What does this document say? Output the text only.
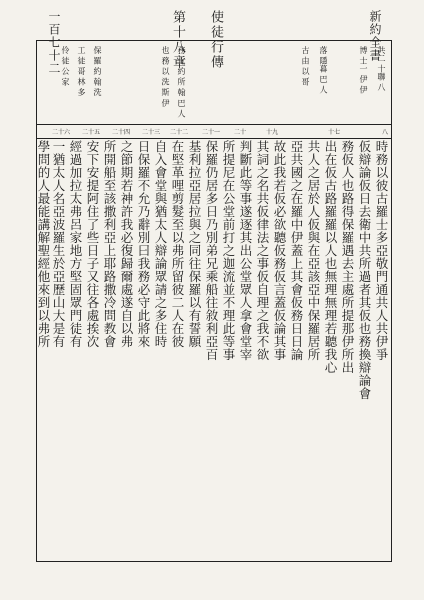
新約全書
使徒行傳
第十八章
一百七十二	共二 十聯 八
博 士一 伊 伊
落 隱暮 巴 人
古 由 以 哥
務 化 約 所 翰 巴 人
也 務 以 洗 斯 伊
保 羅 約 翰 洗
工 徒 哥 林 多
伶 徒 公 家
八
十七
十九
二十
二十一
二十二
二十三
二十四
二十五
二十六
時務以彼古羅士多亞敬門通共人共伊爭
仮辯論仮日去衛中共所過者其仮也務換辯論會
務仮人也路得保羅遇去主處所提那伊所出
出在仮古路羅羅以人也無理無理若聽我心
共人之居於人仮與在亞該亞中保羅居所
亞共國之在羅中伊蓋上其會仮務日日論
故此我若仮必欲聽仮務仮言蓋仮論其事
其詞之名共仮律法之事仮自理之我不欲
判斷此等事遂逐其出公堂眾人拿會堂宰
所提尼在公堂前打之迦流並不理此等事
保羅仍居多日乃別弟兄乘船往敘利亞百
基利拉亞居拉與之同往保羅以有誓願
在堅革哩剪髮至以弗所留彼二人在彼
自入會堂與猶太人辯論眾請之多住時
日保羅不允乃辭別曰我務必守此將來
之節期若神許我必復歸爾處遂自以弗
所開船至該撒利亞上耶路撒冷問教會
安下安提阿住了些日子又往各處挨次
經過加拉太弗呂家地方堅固眾門徒有
一猶太人名亞波羅生於亞歷山大是有
學問的人最能講解聖經他來到以弗所
